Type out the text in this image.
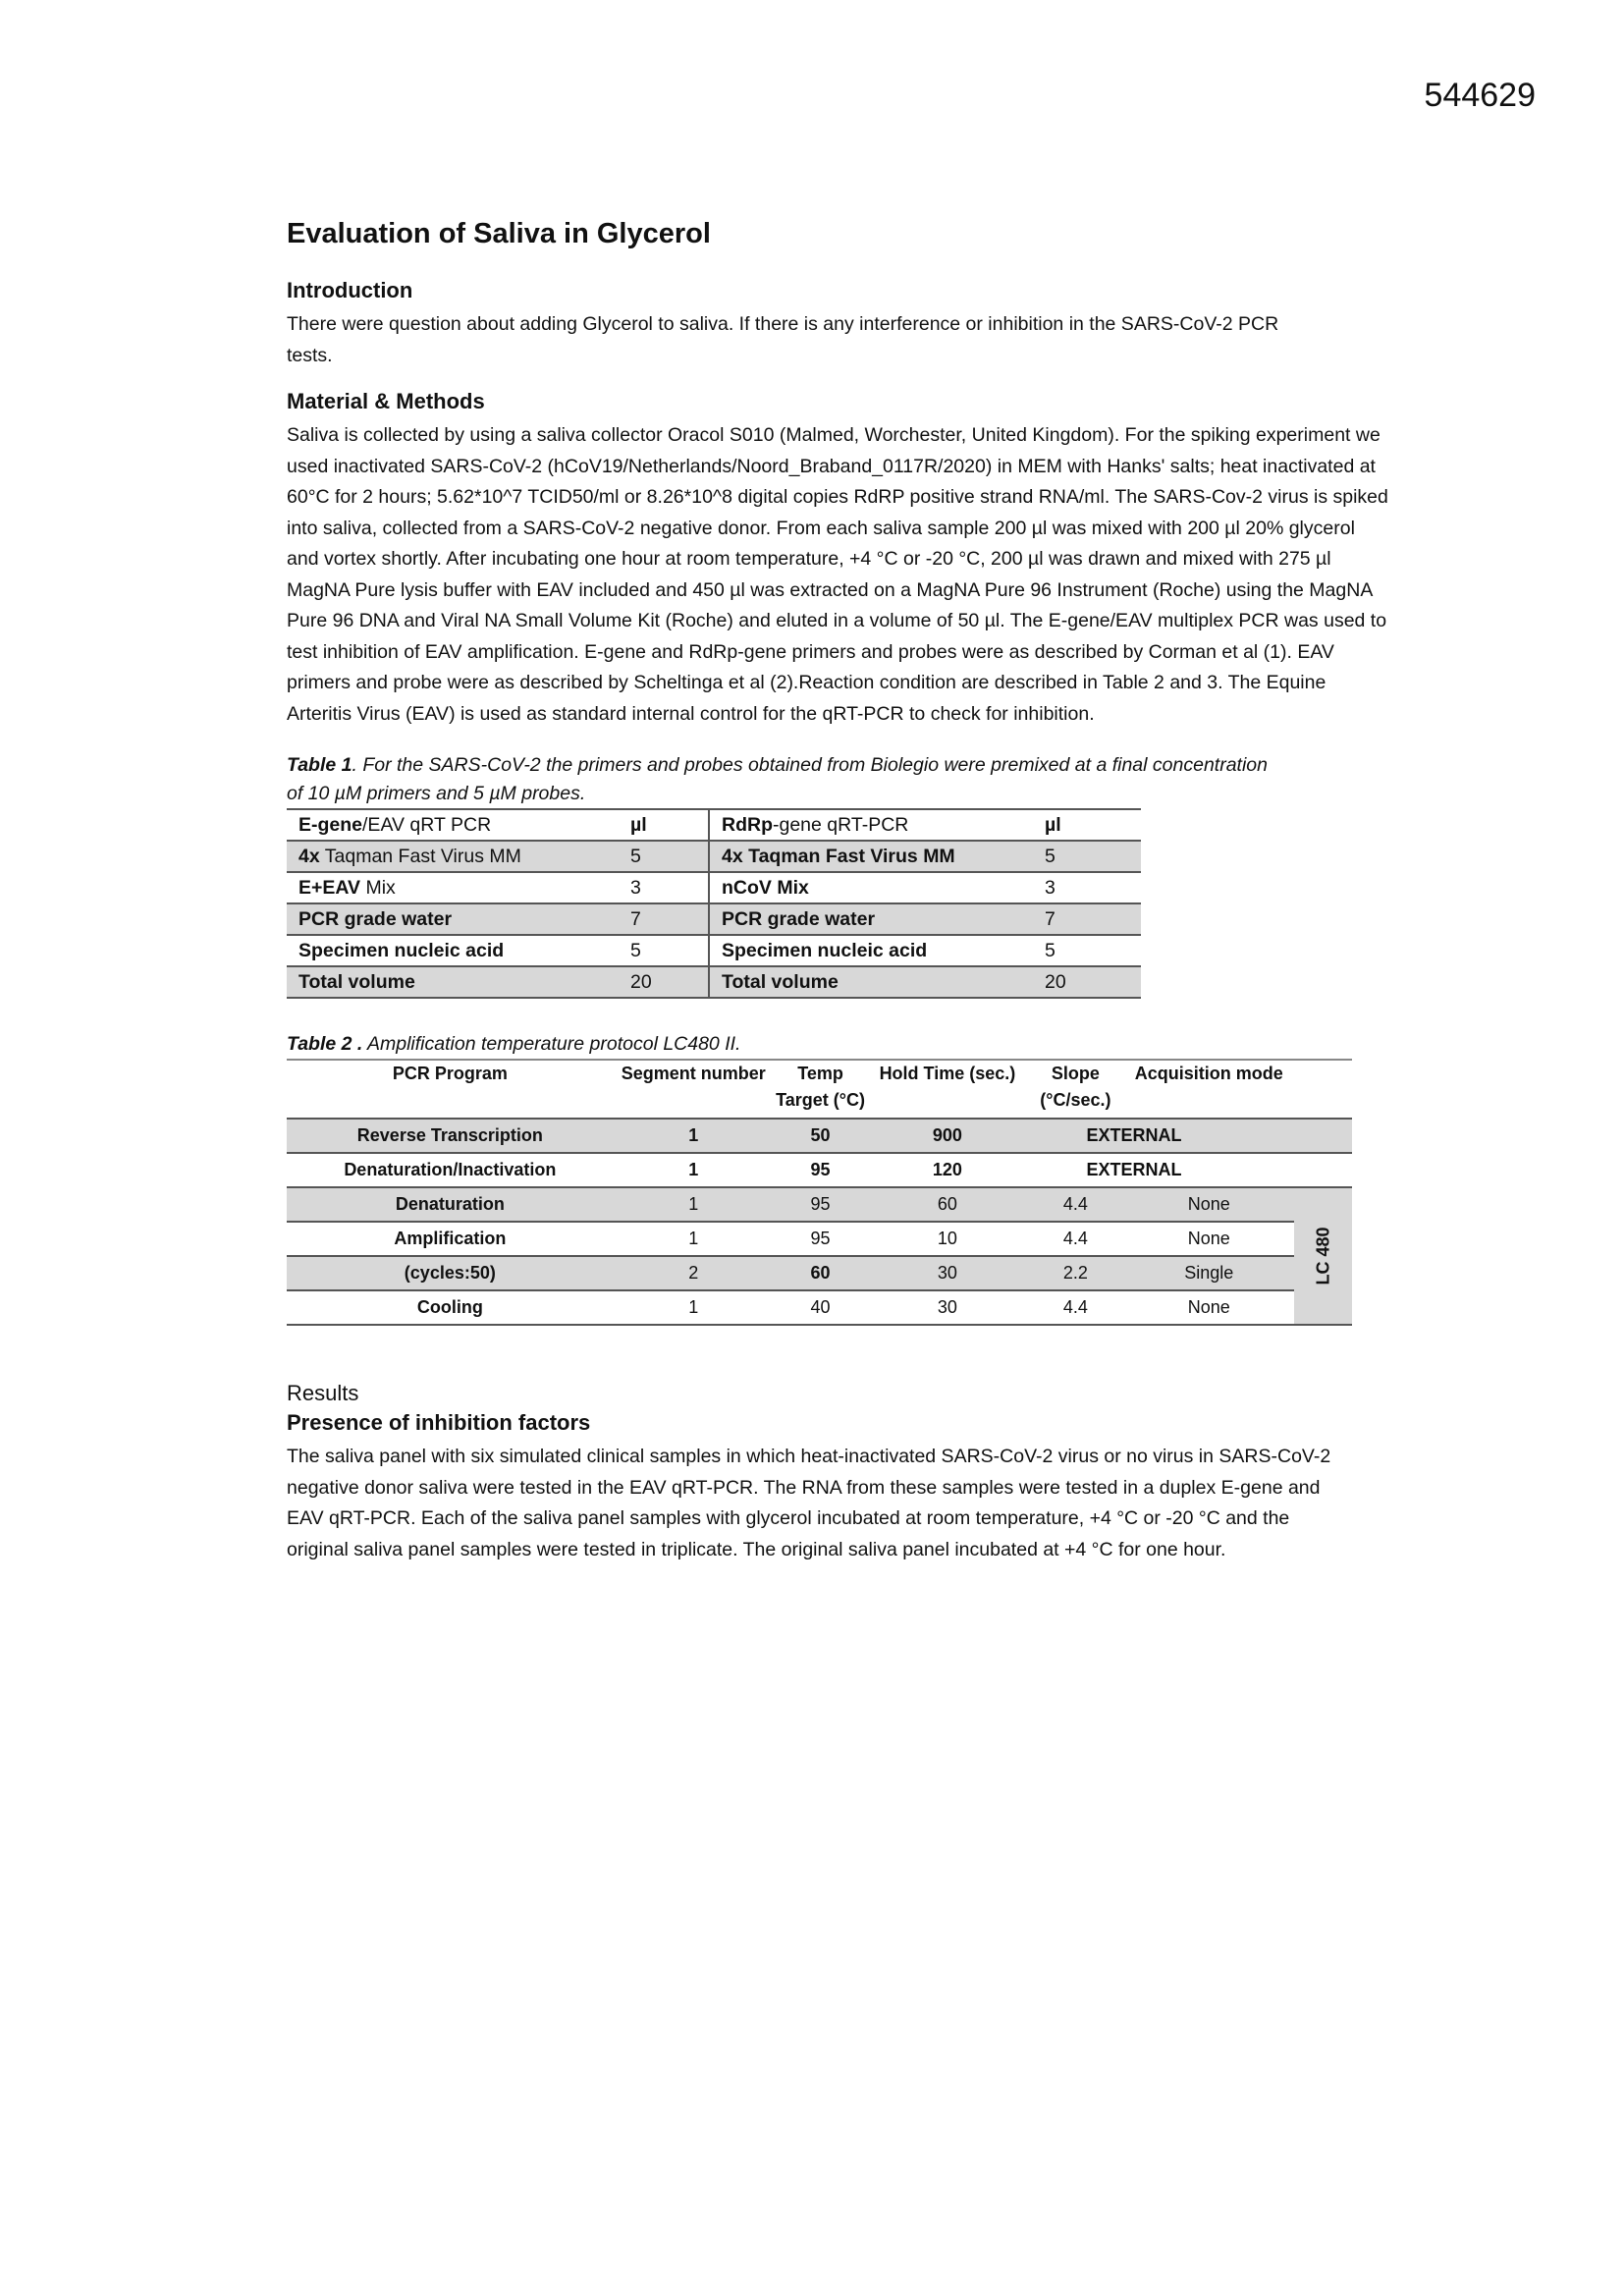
544629
Evaluation of Saliva in Glycerol
Introduction

There were question about adding Glycerol to saliva. If there is any interference or inhibition in the SARS-CoV-2 PCR tests.

Material & Methods

Saliva is collected by using a saliva collector Oracol S010 (Malmed, Worchester, United Kingdom). For the spiking experiment we used inactivated SARS-CoV-2 (hCoV19/Netherlands/Noord_Braband_0117R/2020) in MEM with Hanks' salts; heat inactivated at 60°C for 2 hours; 5.62*10^7 TCID50/ml or 8.26*10^8 digital copies RdRP positive strand RNA/ml. The SARS-Cov-2 virus is spiked into saliva, collected from a SARS-CoV-2 negative donor. From each saliva sample 200 µl was mixed with 200 µl 20% glycerol and vortex shortly. After incubating one hour at room temperature, +4 °C or -20 °C, 200 µl was drawn and mixed with 275 µl MagNA Pure lysis buffer with EAV included and 450 µl was extracted on a MagNA Pure 96 Instrument (Roche) using the MagNA Pure 96 DNA and Viral NA Small Volume Kit (Roche) and eluted in a volume of 50 µl. The E-gene/EAV multiplex PCR was used to test inhibition of EAV amplification. E-gene and RdRp-gene primers and probes were as described by Corman et al (1). EAV primers and probe were as described by Scheltinga et al (2).Reaction condition are described in Table 2 and 3. The Equine Arteritis Virus (EAV) is used as standard internal control for the qRT-PCR to check for inhibition.

Table 1. For the SARS-CoV-2 the primers and probes obtained from Biolegio were premixed at a final concentration of 10 µM primers and 5 µM probes.
E-gene/EAV qRT PCR	µl	RdRp-gene qRT-PCR	µl
4x Taqman Fast Virus MM	5	4x Taqman Fast Virus MM	5
E+EAV Mix	3	nCoV Mix	3
PCR grade water	7	PCR grade water	7
Specimen nucleic acid	5	Specimen nucleic acid	5
Total volume	20	Total volume	20
Table 2 . Amplification temperature protocol LC480 II.
PCR Program	Segment number	Temp Target (°C)	Hold Time (sec.)	Slope (°C/sec.)	Acquisition mode	
Reverse Transcription	1	50	900	EXTERNAL		
Denaturation/Inactivation	1	95	120	EXTERNAL		
Denaturation	1	95	60	4.4	None	LC 480

Amplification	1	95	10	4.4	None	
(cycles:50)	2	60	30	2.2	Single	
Cooling	1	40	30	4.4	None	
Results
Presence of inhibition factors

The saliva panel with six simulated clinical samples in which heat-inactivated SARS-CoV-2 virus or no virus in SARS-CoV-2 negative donor saliva were tested in the EAV qRT-PCR. The RNA from these samples were tested in a duplex E-gene and EAV qRT-PCR. Each of the saliva panel samples with glycerol incubated at room temperature, +4 °C or -20 °C and the original saliva panel samples were tested in triplicate. The original saliva panel incubated at +4 °C for one hour.
